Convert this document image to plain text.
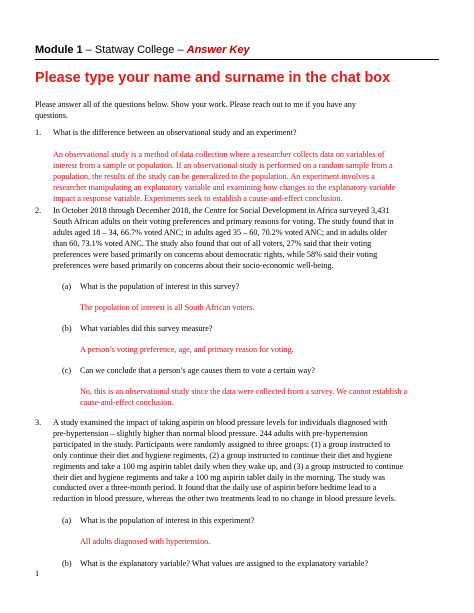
Module 1 – Statway College – Answer Key
Please type your name and surname in the chat box
Please answer all of the questions below. Show your work. Please reach out to me if you have any
questions.
1. What is the difference between an observational study and an experiment?
An observational study is a method of data collection where a researcher collects data on variables of
interest from a sample or population. If an observational study is performed on a random sample from a
population, the results of the study can be generalized to the population. An experiment involves a
researcher manipulating an explanatory variable and examining how changes to the explanatory variable
impact a response variable. Experiments seek to establish a cause-and-effect conclusion.
2. In October 2018 through December 2018, the Centre for Social Development in Africa surveyed 3,431
South African adults on their voting preferences and primary reasons for voting. The study found that in
adults aged 18 – 34, 66.7% voted ANC; in adults aged 35 – 60, 70.2% voted ANC; and in adults older
than 60, 73.1% voted ANC. The study also found that out of all voters, 27% said that their voting
preferences were based primarily on concerns about democratic rights, while 58% said their voting
preferences were based primarily on concerns about their socio-economic well-being.
(a) What is the population of interest in this survey?
The population of interest is all South African voters.
(b) What variables did this survey measure?
A person’s voting preference, age, and primary reason for voting.
(c) Can we conclude that a person’s age causes them to vote a certain way?
No, this is an observational study since the data were collected from a survey. We cannot establish a
cause-and-effect conclusion.
3. A study examined the impact of taking aspirin on blood pressure levels for individuals diagnosed with
pre-hypertension – slightly higher than normal blood pressure. 244 adults with pre-hypertension
participated in the study. Participants were randomly assigned to three groups: (1) a group instructed to
only continue their diet and hygiene regiments, (2) a group instructed to continue their diet and hygiene
regiments and take a 100 mg aspirin tablet daily when they wake up, and (3) a group instructed to continue
their diet and hygiene regiments and take a 100 mg aspirin tablet daily in the morning. The study was
conducted over a three-month period. It found that the daily use of aspirin before bedtime lead to a
reduction in blood pressure, whereas the other two treatments lead to no change in blood pressure levels.
(a) What is the population of interest in this experiment?
All adults diagnosed with hypertension.
(b) What is the explanatory variable? What values are assigned to the explanatory variable?
1
